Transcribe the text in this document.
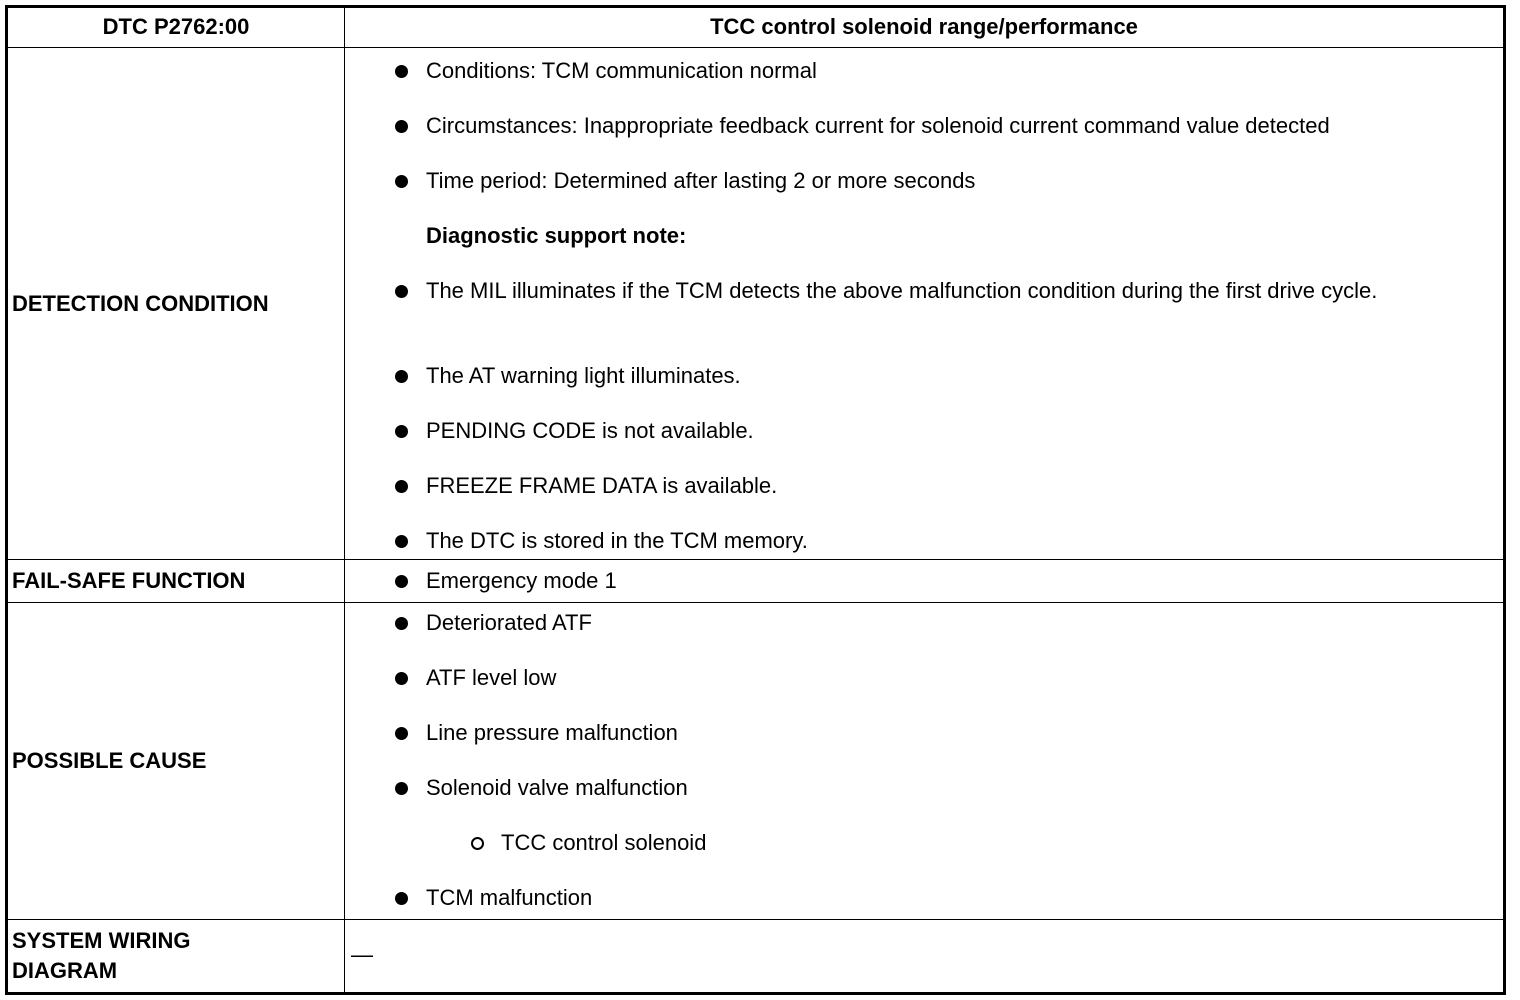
DTC P2762:00	TCC control solenoid range/performance
DETECTION CONDITION
Conditions: TCM communication normal
Circumstances: Inappropriate feedback current for solenoid current command value detected
Time period: Determined after lasting 2 or more seconds
Diagnostic support note:
The MIL illuminates if the TCM detects the above malfunction condition during the first drive cycle.
The AT warning light illuminates.
PENDING CODE is not available.
FREEZE FRAME DATA is available.
The DTC is stored in the TCM memory.
FAIL-SAFE FUNCTION	Emergency mode 1
POSSIBLE CAUSE
Deteriorated ATF
ATF level low
Line pressure malfunction
Solenoid valve malfunction
TCC control solenoid
TCM malfunction
SYSTEM WIRING DIAGRAM
—
